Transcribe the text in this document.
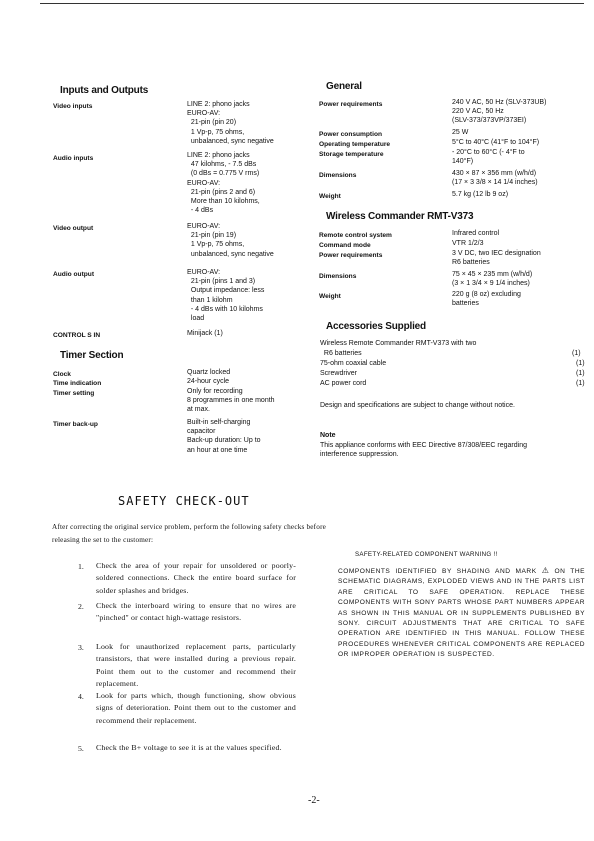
Inputs and Outputs
Video inputs	LINE 2: phono jacks
EURO-AV:
21-pin (pin 20)
1 Vp-p, 75 ohms,
unbalanced, sync negative
Audio inputs	LINE 2: phono jacks
47 kilohms, - 7.5 dBs
(0 dBs = 0.775 V rms)
EURO-AV:
21-pin (pins 2 and 6)
More than 10 kilohms,
- 4 dBs
Video output	EURO-AV:
21-pin (pin 19)
1 Vp-p, 75 ohms,
unbalanced, sync negative
Audio output	EURO-AV:
21-pin (pins 1 and 3)
Output impedance: less
than 1 kilohm
- 4 dBs with 10 kilohms
load
CONTROL S IN	Minijack (1)
Timer Section
Clock	Quartz locked
Time indication	24-hour cycle
Timer setting	Only for recording
8 programmes in one month
at max.
Timer back-up	Built-in self-charging
capacitor
Back-up duration: Up to
an hour at one time
General
Power requirements	240 V AC, 50 Hz (SLV-373UB)
220 V AC, 50 Hz
(SLV-373/373VP/373EI)
Power consumption	25 W
Operating temperature	5°C to 40°C (41°F to 104°F)
Storage temperature	- 20°C to 60°C (- 4°F to
140°F)
Dimensions	430 × 87 × 356 mm (w/h/d)
(17 × 3 3/8 × 14 1/4 inches)
Weight	5.7 kg (12 lb 9 oz)
Wireless Commander RMT-V373
Remote control system	Infrared control
Command mode	VTR 1/2/3
Power requirements	3 V DC, two IEC designation
R6 batteries
Dimensions	75 × 45 × 235 mm (w/h/d)
(3 × 1 3/4 × 9 1/4 inches)
Weight	220 g (8 oz) excluding
batteries
Accessories Supplied
Wireless Remote Commander RMT-V373 with two
R6 batteries	(1)
75-ohm coaxial cable	(1)
Screwdriver	(1)
AC power cord	(1)
Design and specifications are subject to change without notice.
Note
This appliance conforms with EEC Directive 87/308/EEC regarding interference suppression.
SAFETY CHECK-OUT
After correcting the original service problem, perform the following safety checks before releasing the set to the customer:
1. Check the area of your repair for unsoldered or poorly-soldered connections. Check the entire board surface for solder splashes and bridges.
2. Check the interboard wiring to ensure that no wires are "pinched" or contact high-wattage resistors.
3. Look for unauthorized replacement parts, particularly transistors, that were installed during a previous repair. Point them out to the customer and recommend their replacement.
4. Look for parts which, though functioning, show obvious signs of deterioration. Point them out to the customer and recommend their replacement.
5. Check the B+ voltage to see it is at the values specified.
SAFETY-RELATED COMPONENT WARNING !!
COMPONENTS IDENTIFIED BY SHADING AND MARK ⚠ ON THE SCHEMATIC DIAGRAMS, EXPLODED VIEWS AND IN THE PARTS LIST ARE CRITICAL TO SAFE OPERATION. REPLACE THESE COMPONENTS WITH SONY PARTS WHOSE PART NUMBERS APPEAR AS SHOWN IN THIS MANUAL OR IN SUPPLEMENTS PUBLISHED BY SONY. CIRCUIT ADJUSTMENTS THAT ARE CRITICAL TO SAFE OPERATION ARE IDENTIFIED IN THIS MANUAL. FOLLOW THESE PROCEDURES WHENEVER CRITICAL COMPONENTS ARE REPLACED OR IMPROPER OPERATION IS SUSPECTED.
-2-
